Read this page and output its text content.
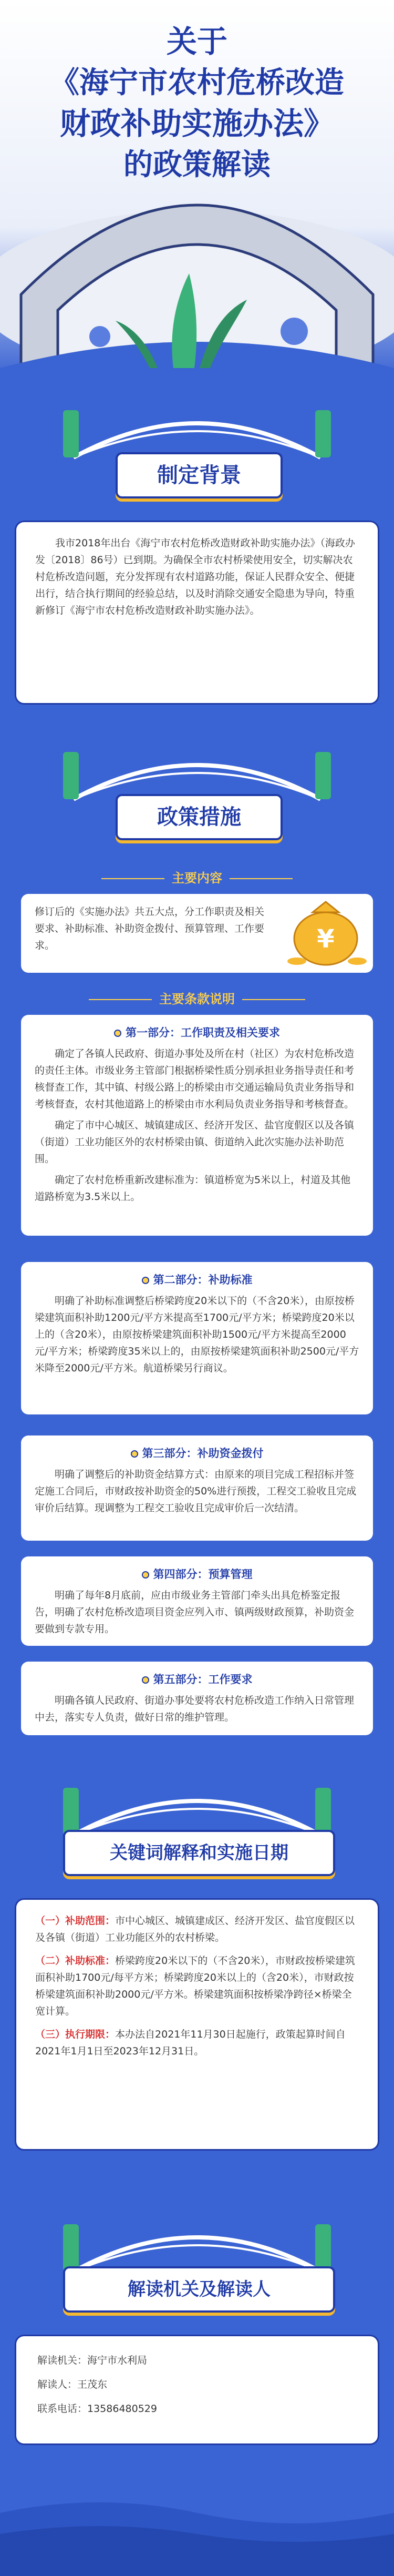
关于
《海宁市农村危桥改造
财政补助实施办法》
的政策解读
制定背景
我市2018年出台《海宁市农村危桥改造财政补助实施办法》（海政办发〔2018〕86号）已到期。为确保全市农村桥梁使用安全，切实解决农村危桥改造问题，充分发挥现有农村道路功能，保证人民群众安全、便捷出行，结合执行期间的经验总结，以及时消除交通安全隐患为导向，特重新修订《海宁市农村危桥改造财政补助实施办法》。
政策措施
主要内容
修订后的《实施办法》共五大点，分工作职责及相关要求、补助标准、补助资金拨付、预算管理、工作要求。	¥
主要条款说明
第一部分：工作职责及相关要求
确定了各镇人民政府、街道办事处及所在村（社区）为农村危桥改造的责任主体。市级业务主管部门根据桥梁性质分别承担业务指导责任和考核督查工作，其中镇、村级公路上的桥梁由市交通运输局负责业务指导和考核督查，农村其他道路上的桥梁由市水利局负责业务指导和考核督查。
确定了市中心城区、城镇建成区、经济开发区、盐官度假区以及各镇（街道）工业功能区外的农村桥梁由镇、街道纳入此次实施办法补助范围。
确定了农村危桥重新改建标准为：镇道桥宽为5米以上，村道及其他道路桥宽为3.5米以上。
第二部分：补助标准
明确了补助标准调整后桥梁跨度20米以下的（不含20米），由原按桥梁建筑面积补助1200元/平方米提高至1700元/平方米；桥梁跨度20米以上的（含20米），由原按桥梁建筑面积补助1500元/平方米提高至2000元/平方米；桥梁跨度35米以上的，由原按桥梁建筑面积补助2500元/平方米降至2000元/平方米。航道桥梁另行商议。
第三部分：补助资金拨付
明确了调整后的补助资金结算方式：由原来的项目完成工程招标并签定施工合同后，市财政按补助资金的50%进行预拨，工程交工验收且完成审价后结算。现调整为工程交工验收且完成审价后一次结清。
第四部分：预算管理
明确了每年8月底前，应由市级业务主管部门牵头出具危桥鉴定报告，明确了农村危桥改造项目资金应列入市、镇两级财政预算，补助资金要做到专款专用。
第五部分：工作要求
明确各镇人民政府、街道办事处要将农村危桥改造工作纳入日常管理中去，落实专人负责，做好日常的维护管理。
关键词解释和实施日期
（一）补助范围：市中心城区、城镇建成区、经济开发区、盐官度假区以及各镇（街道）工业功能区外的农村桥梁。
（二）补助标准：桥梁跨度20米以下的（不含20米），市财政按桥梁建筑面积补助1700元/每平方米；桥梁跨度20米以上的（含20米），市财政按桥梁建筑面积补助2000元/平方米。桥梁建筑面积按桥梁净跨径×桥梁全宽计算。
（三）执行期限：本办法自2021年11月30日起施行，政策起算时间自2021年1月1日至2023年12月31日。
解读机关及解读人
解读机关：海宁市水利局
解读人：王茂东
联系电话：13586480529
